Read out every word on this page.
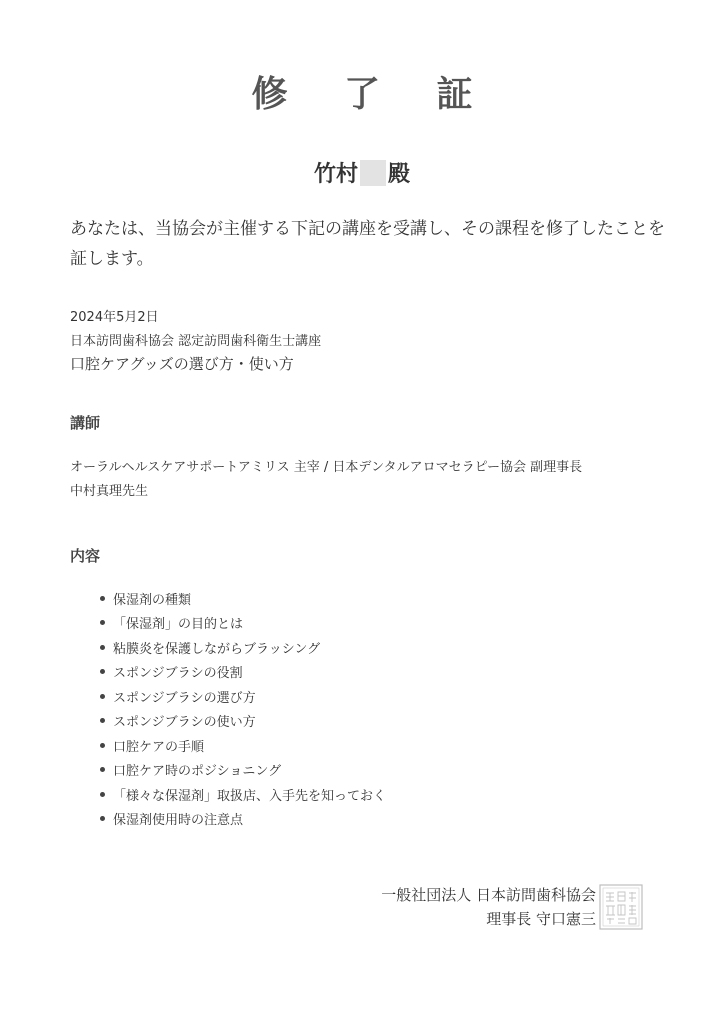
修 了 証
竹村 殿
あなたは、当協会が主催する下記の講座を受講し、その課程を修了したことを証します。
2024年5月2日
日本訪問歯科協会 認定訪問歯科衛生士講座
口腔ケアグッズの選び方・使い方
講師
オーラルヘルスケアサポートアミリス 主宰 / 日本デンタルアロマセラピー協会 副理事長
中村真理先生
内容
保湿剤の種類
「保湿剤」の目的とは
粘膜炎を保護しながらブラッシング
スポンジブラシの役割
スポンジブラシの選び方
スポンジブラシの使い方
口腔ケアの手順
口腔ケア時のポジショニング
「様々な保湿剤」取扱店、入手先を知っておく
保湿剤使用時の注意点
一般社団法人 日本訪問歯科協会
理事長 守口憲三
